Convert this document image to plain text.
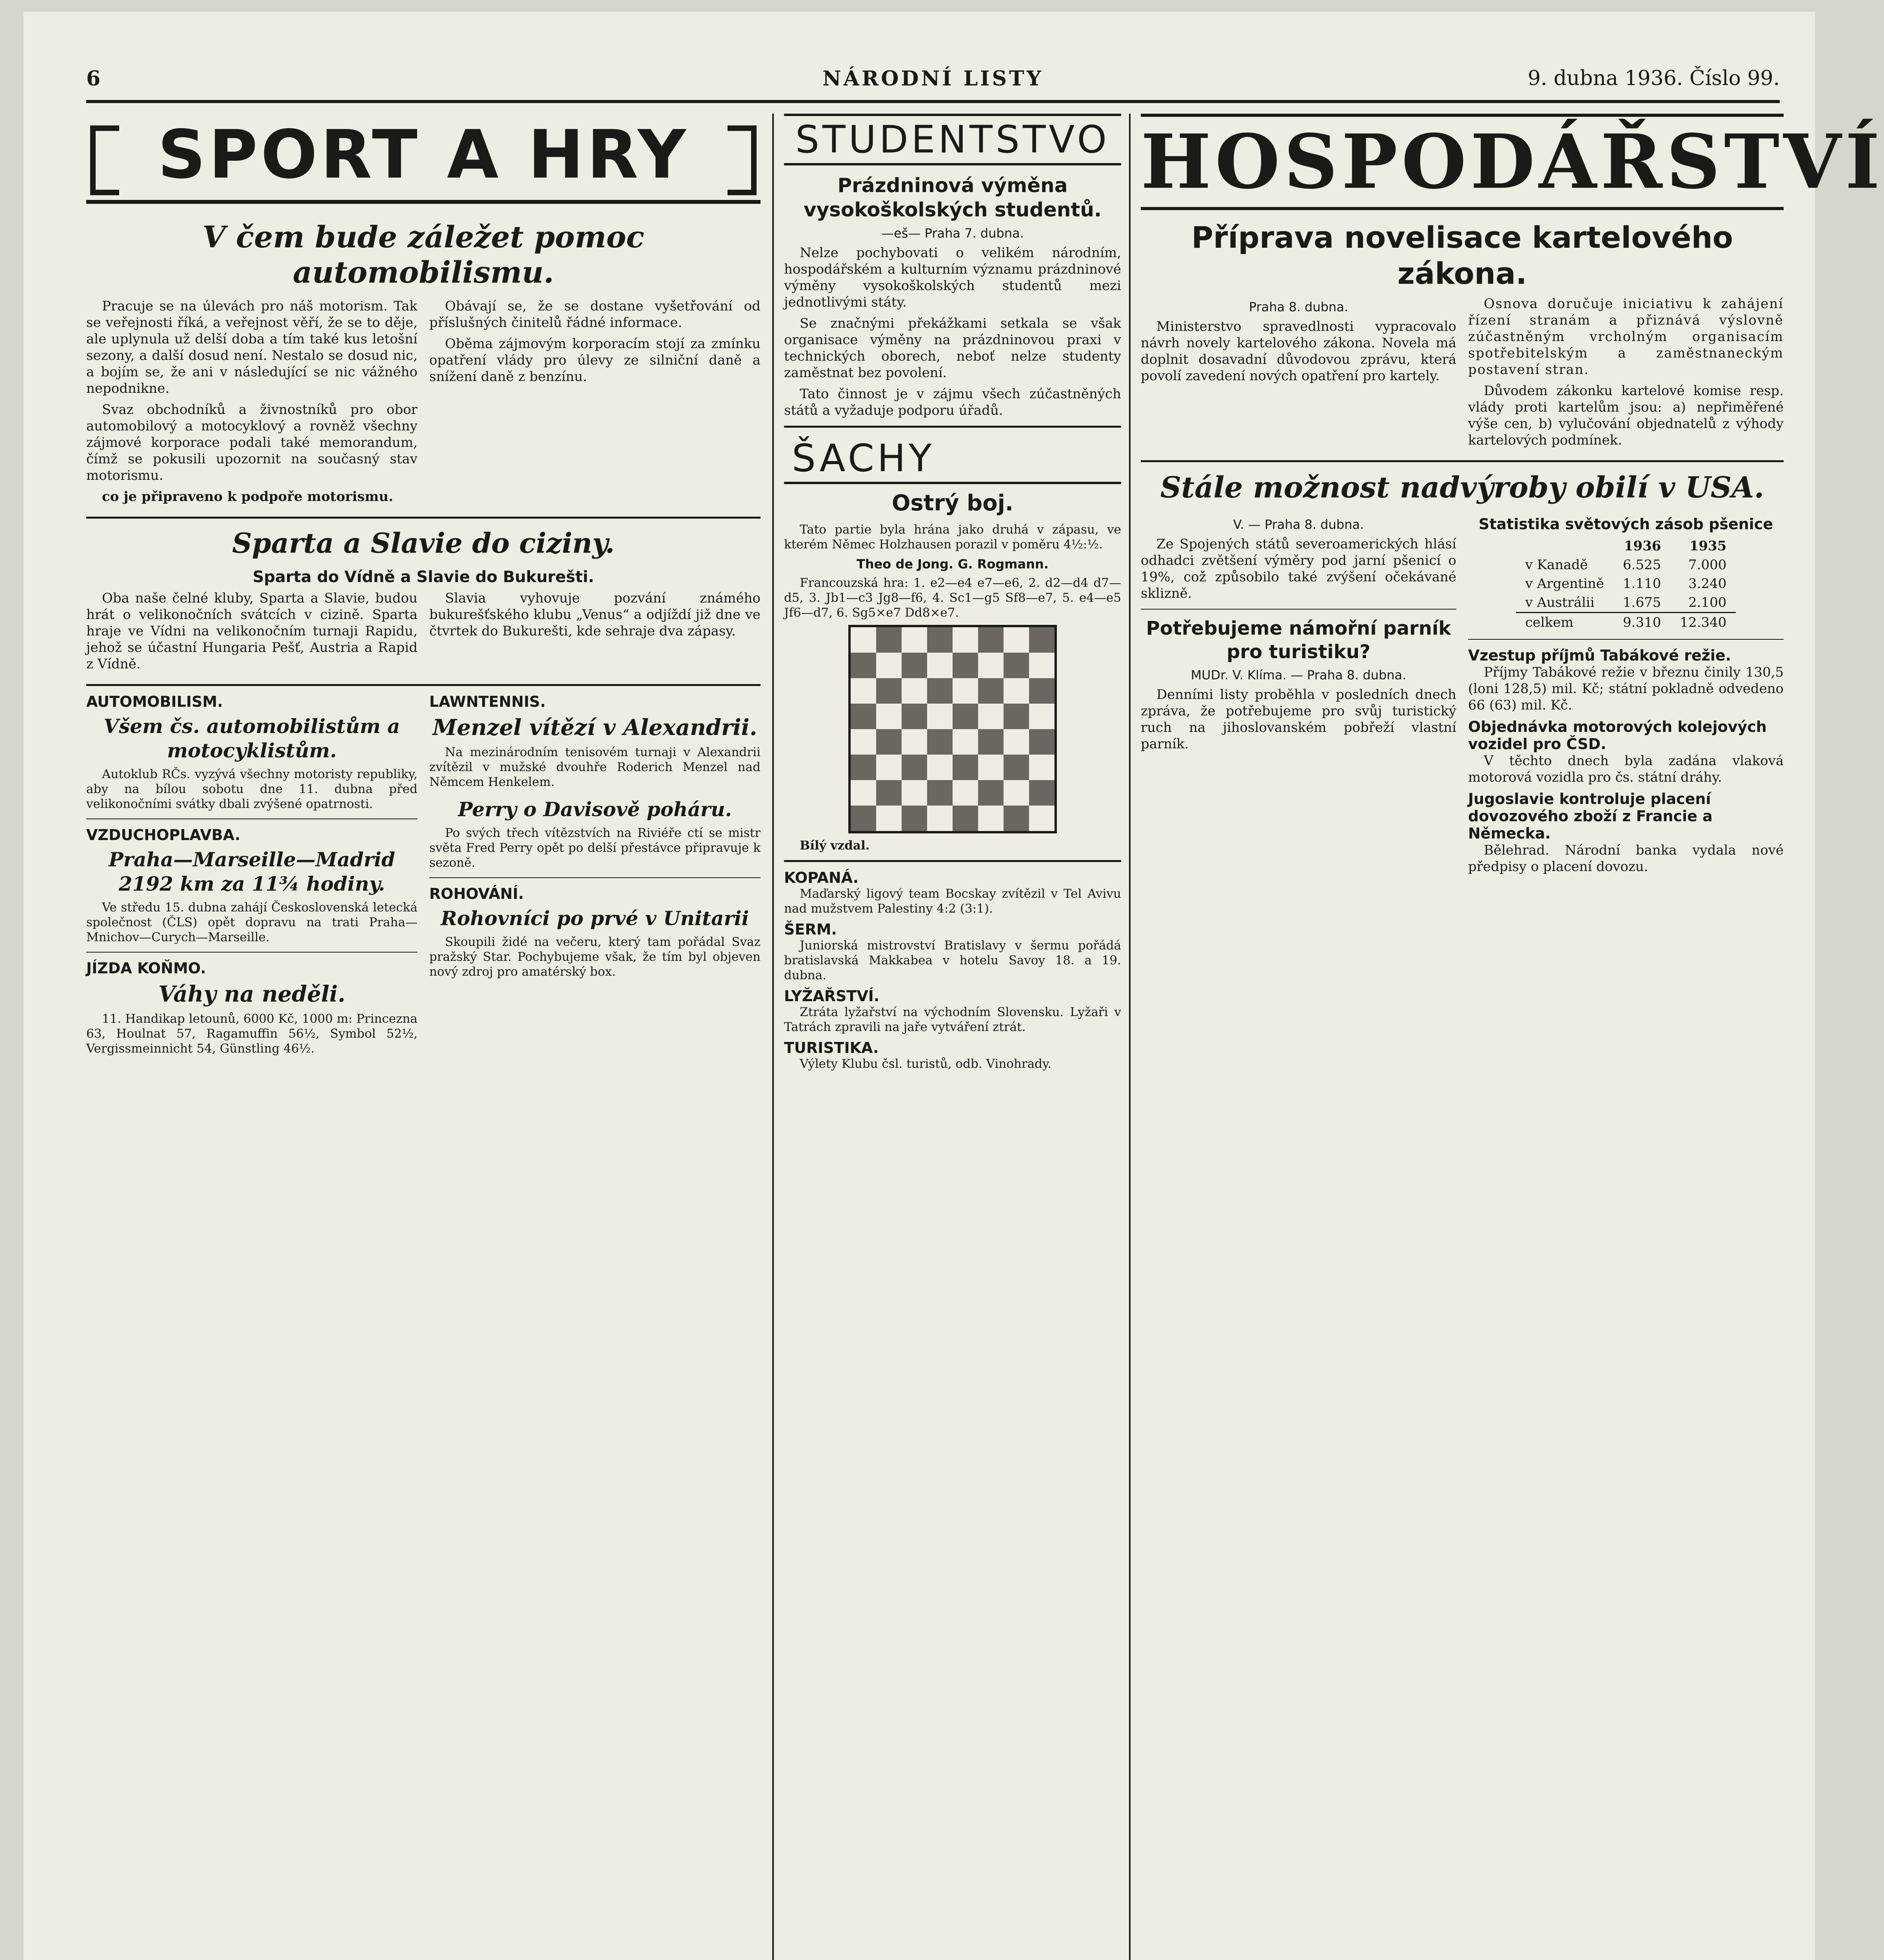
6	NÁRODNÍ LISTY	9. dubna 1936. Číslo 99.
SPORT A HRY
V čem bude záležet pomoc automobilismu.

Pracuje se na úlevách pro náš motorism. Tak se veřejnosti říká, a veřejnost věří, že se to děje, ale uplynula už delší doba a tím také kus letošní sezony, a další dosud není. Nestalo se dosud nic, a bojím se, že ani v následující se nic vážného nepodnikne.

Svaz obchodníků a živnostníků pro obor automobilový a motocyklový a rovněž všechny zájmové korporace podali také memorandum, čímž se pokusili upozornit na současný stav motorismu.

co je připraveno k podpoře motorismu.

Obávají se, že se dostane vyšetřování od příslušných činitelů řádné informace.

Oběma zájmovým korporacím stojí za zmínku opatření vlády pro úlevy ze silniční daně a snížení daně z benzínu.

Sparta a Slavie do ciziny.
Sparta do Vídně a Slavie do Bukurešti.

Oba naše čelné kluby, Sparta a Slavie, budou hrát o velikonočních svátcích v cizině. Sparta hraje ve Vídni na velikonočním turnaji Rapidu, jehož se účastní Hungaria Pešť, Austria a Rapid z Vídně.

Slavia vyhovuje pozvání známého bukurešťského klubu „Venus“ a odjíždí již dne ve čtvrtek do Bukurešti, kde sehraje dva zápasy.

AUTOMOBILISM.
Všem čs. automobilistům a motocyklistům.

Autoklub RČs. vyzývá všechny motoristy republiky, aby na bílou sobotu dne 11. dubna před velikonočními svátky dbali zvýšené opatrnosti.

VZDUCHOPLAVBA.
Praha—Marseille—Madrid 2192 km za 11¾ hodiny.

Ve středu 15. dubna zahájí Československá letecká společnost (ČLS) opět dopravu na trati Praha—Mnichov—Curych—Marseille.

JÍZDA KOŇMO.
Váhy na neděli.

11. Handikap letounů, 6000 Kč, 1000 m: Princezna 63, Houlnat 57, Ragamuffin 56½, Symbol 52½, Vergissmeinnicht 54, Günstling 46½.

LAWNTENNIS.
Menzel vítězí v Alexandrii.

Na mezinárodním tenisovém turnaji v Alexandrii zvítězil v mužské dvouhře Roderich Menzel nad Němcem Henkelem.

Perry o Davisově poháru.

Po svých třech vítězstvích na Riviéře ctí se mistr světa Fred Perry opět po delší přestávce připravuje k sezoně.

ROHOVÁNÍ.
Rohovníci po prvé v Unitarii

Skoupili židé na večeru, který tam pořádal Svaz pražský Star. Pochybujeme však, že tím byl objeven nový zdroj pro amatérský box.

STUDENTSTVO
Prázdninová výměna vysokoškolských studentů.
—eš— Praha 7. dubna.

Nelze pochybovati o velikém národním, hospodářském a kulturním významu prázdninové výměny vysokoškolských studentů mezi jednotlivými státy.

Se značnými překážkami setkala se však organisace výměny na prázdninovou praxi v technických oborech, neboť nelze studenty zaměstnat bez povolení.

Tato činnost je v zájmu všech zúčastněných států a vyžaduje podporu úřadů.

ŠACHY
Ostrý boj.

Tato partie byla hrána jako druhá v zápasu, ve kterém Němec Holzhausen porazil v poměru 4½:½.

Theo de Jong. G. Rogmann.

Francouzská hra: 1. e2—e4 e7—e6, 2. d2—d4 d7—d5, 3. Jb1—c3 Jg8—f6, 4. Sc1—g5 Sf8—e7, 5. e4—e5 Jf6—d7, 6. Sg5×e7 Dd8×e7.

Bílý vzdal.

KOPANÁ.

Maďarský ligový team Bocskay zvítězil v Tel Avivu nad mužstvem Palestiny 4:2 (3:1).

ŠERM.

Juniorská mistrovství Bratislavy v šermu pořádá bratislavská Makkabea v hotelu Savoy 18. a 19. dubna.

LYŽAŘSTVÍ.

Ztráta lyžařství na východním Slovensku. Lyžaři v Tatrách zpravili na jaře vytváření ztrát.

TURISTIKA.

Výlety Klubu čsl. turistů, odb. Vinohrady.

HOSPODÁŘSTVÍ
Příprava novelisace kartelového zákona.
Praha 8. dubna.

Ministerstvo spravedlnosti vypracovalo návrh novely kartelového zákona. Novela má doplnit dosavadní důvodovou zprávu, která povolí zavedení nových opatření pro kartely.

Osnova doručuje iniciativu k zahájení řízení stranám a přiznává výslovně zúčastněným vrcholným organisacím spotřebitelským a zaměstnaneckým postavení stran.

Důvodem zákonku kartelové komise resp. vlády proti kartelům jsou: a) nepřiměřené výše cen, b) vylučování objednatelů z výhody kartelových podmínek.

Stále možnost nadvýroby obilí v USA.
V. — Praha 8. dubna.

Ze Spojených států severoamerických hlásí odhadci zvětšení výměry pod jarní pšenicí o 19%, což způsobilo také zvýšení očekávané sklizně.

Potřebujeme námořní parník pro turistiku?
MUDr. V. Klíma. — Praha 8. dubna.

Denními listy proběhla v posledních dnech zpráva, že potřebujeme pro svůj turistický ruch na jihoslovanském pobřeží vlastní parník.

Statistika světových zásob pšenice
	1936	1935
v Kanadě	6.525	7.000
v Argentině	1.110	3.240
v Austrálii	1.675	2.100
celkem	9.310	12.340
Vzestup příjmů Tabákové režie.

Příjmy Tabákové režie v březnu činily 130,5 (loni 128,5) mil. Kč; státní pokladně odvedeno 66 (63) mil. Kč.

Objednávka motorových kolejových vozidel pro ČSD.

V těchto dnech byla zadána vlaková motorová vozidla pro čs. státní dráhy.

Jugoslavie kontroluje placení dovozového zboží z Francie a Německa.

Bělehrad. Národní banka vydala nové předpisy o placení dovozu.
